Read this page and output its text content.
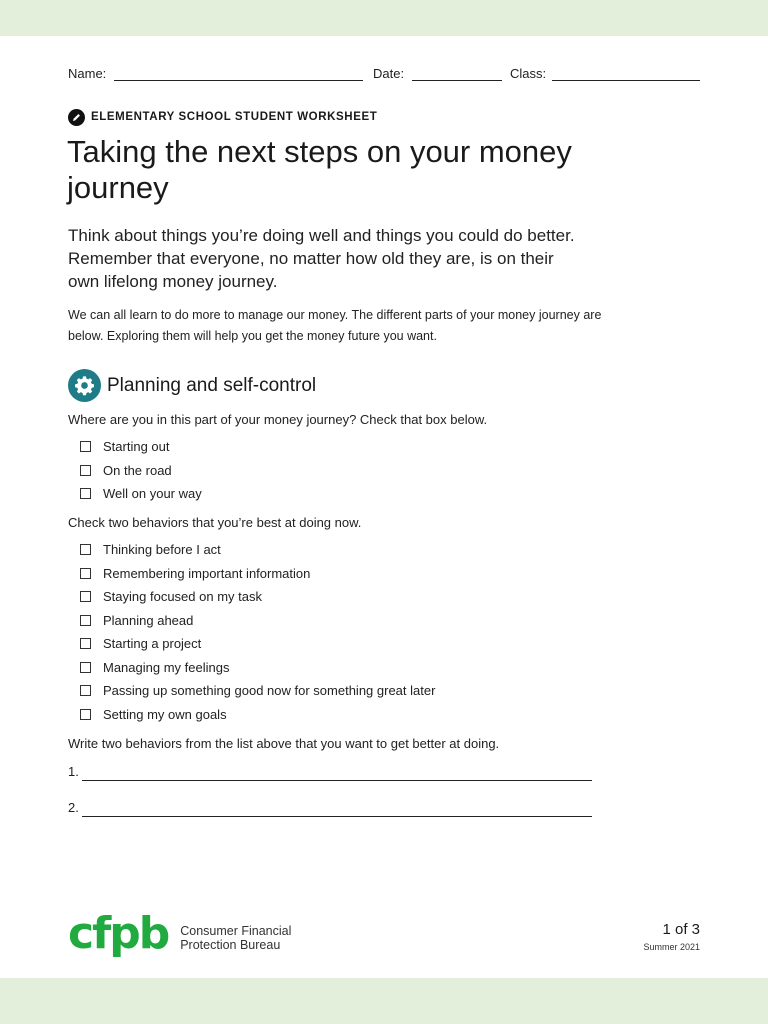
Name:	Date:	Class:
ELEMENTARY SCHOOL STUDENT WORKSHEET
Taking the next steps on your money journey

Think about things you’re doing well and things you could do better. Remember that everyone, no matter how old they are, is on their own lifelong money journey.

We can all learn to do more to manage our money. The different parts of your money journey are below. Exploring them will help you get the money future you want.

Planning and self-control

Where are you in this part of your money journey? Check that box below.

Starting out
On the road
Well on your way

Check two behaviors that you’re best at doing now.

Thinking before I act
Remembering important information
Staying focused on my task
Planning ahead
Starting a project
Managing my feelings
Passing up something good now for something great later
Setting my own goals

Write two behaviors from the list above that you want to get better at doing.

1.
2.
cfpb Consumer Financial
Protection Bureau
1 of 3
Summer 2021
